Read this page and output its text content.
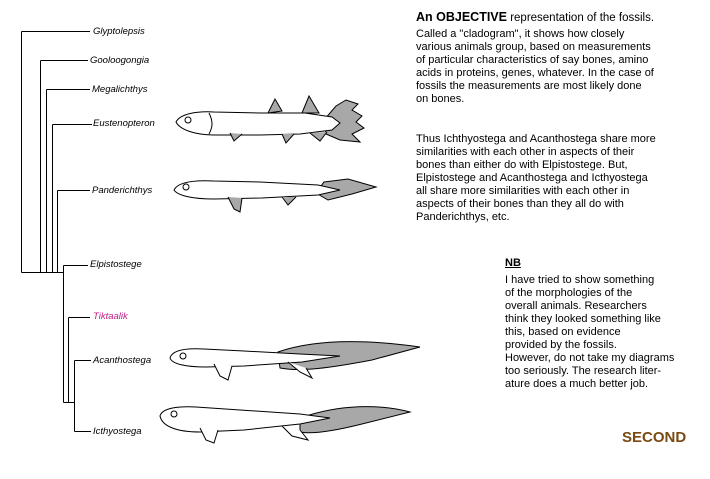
Glyptolepsis
Gooloogongia
Megalichthys
Eustenopteron
Panderichthys
Elpistostege
Tiktaalik
Acanthostega
Icthyostega
An OBJECTIVE representation of the fossils.
Called a "cladogram", it shows how closely
various animals group, based on measurements
of particular characteristics of say bones, amino
acids in proteins, genes, whatever. In the case of
fossils the measurements are most likely done
on bones.
Thus Ichthyostega and Acanthostega share more
similarities with each other in aspects of their
bones than either do with Elpistostege. But,
Elpistostege and Acanthostega and Icthyostega
all share more similarities with each other in
aspects of their bones than they all do with
Panderichthys, etc.
NB
I have tried to show something
of the morphologies of the
overall animals. Researchers
think they looked something like
this, based on evidence
provided by the fossils.
However, do not take my diagrams
too seriously. The research liter-
ature does a much better job.
SECOND
